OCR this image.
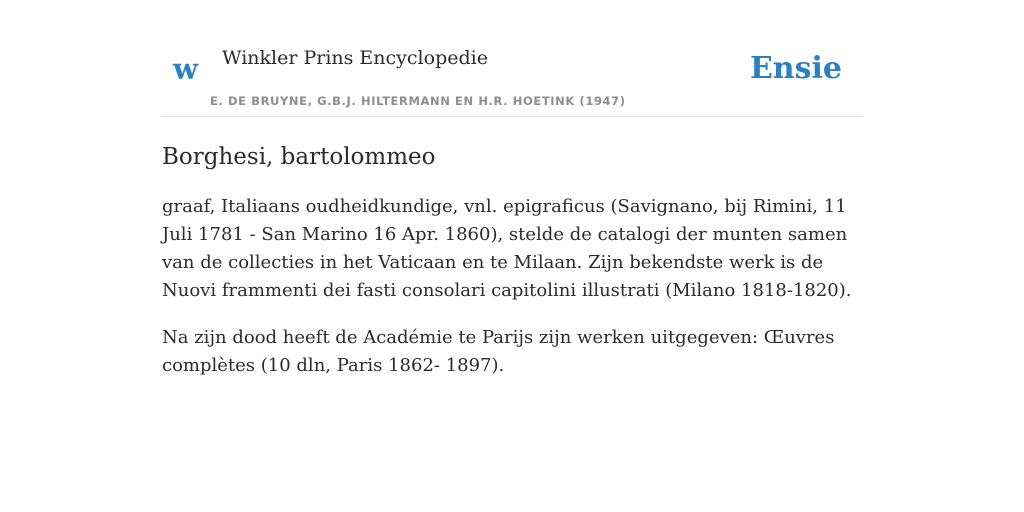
w Winkler Prins Encyclopedie
E. DE BRUYNE, G.B.J. HILTERMANN EN H.R. HOETINK (1947)
Ensie
Borghesi, bartolommeo

graaf, Italiaans oudheidkundige, vnl. epigraficus (Savignano, bij Rimini, 11 Juli 1781 - San Marino 16 Apr. 1860), stelde de catalogi der munten samen van de collecties in het Vaticaan en te Milaan. Zijn bekendste werk is de Nuovi frammenti dei fasti consolari capitolini illustrati (Milano 1818-1820).

Na zijn dood heeft de Académie te Parijs zijn werken uitgegeven: Œuvres complètes (10 dln, Paris 1862- 1897).
